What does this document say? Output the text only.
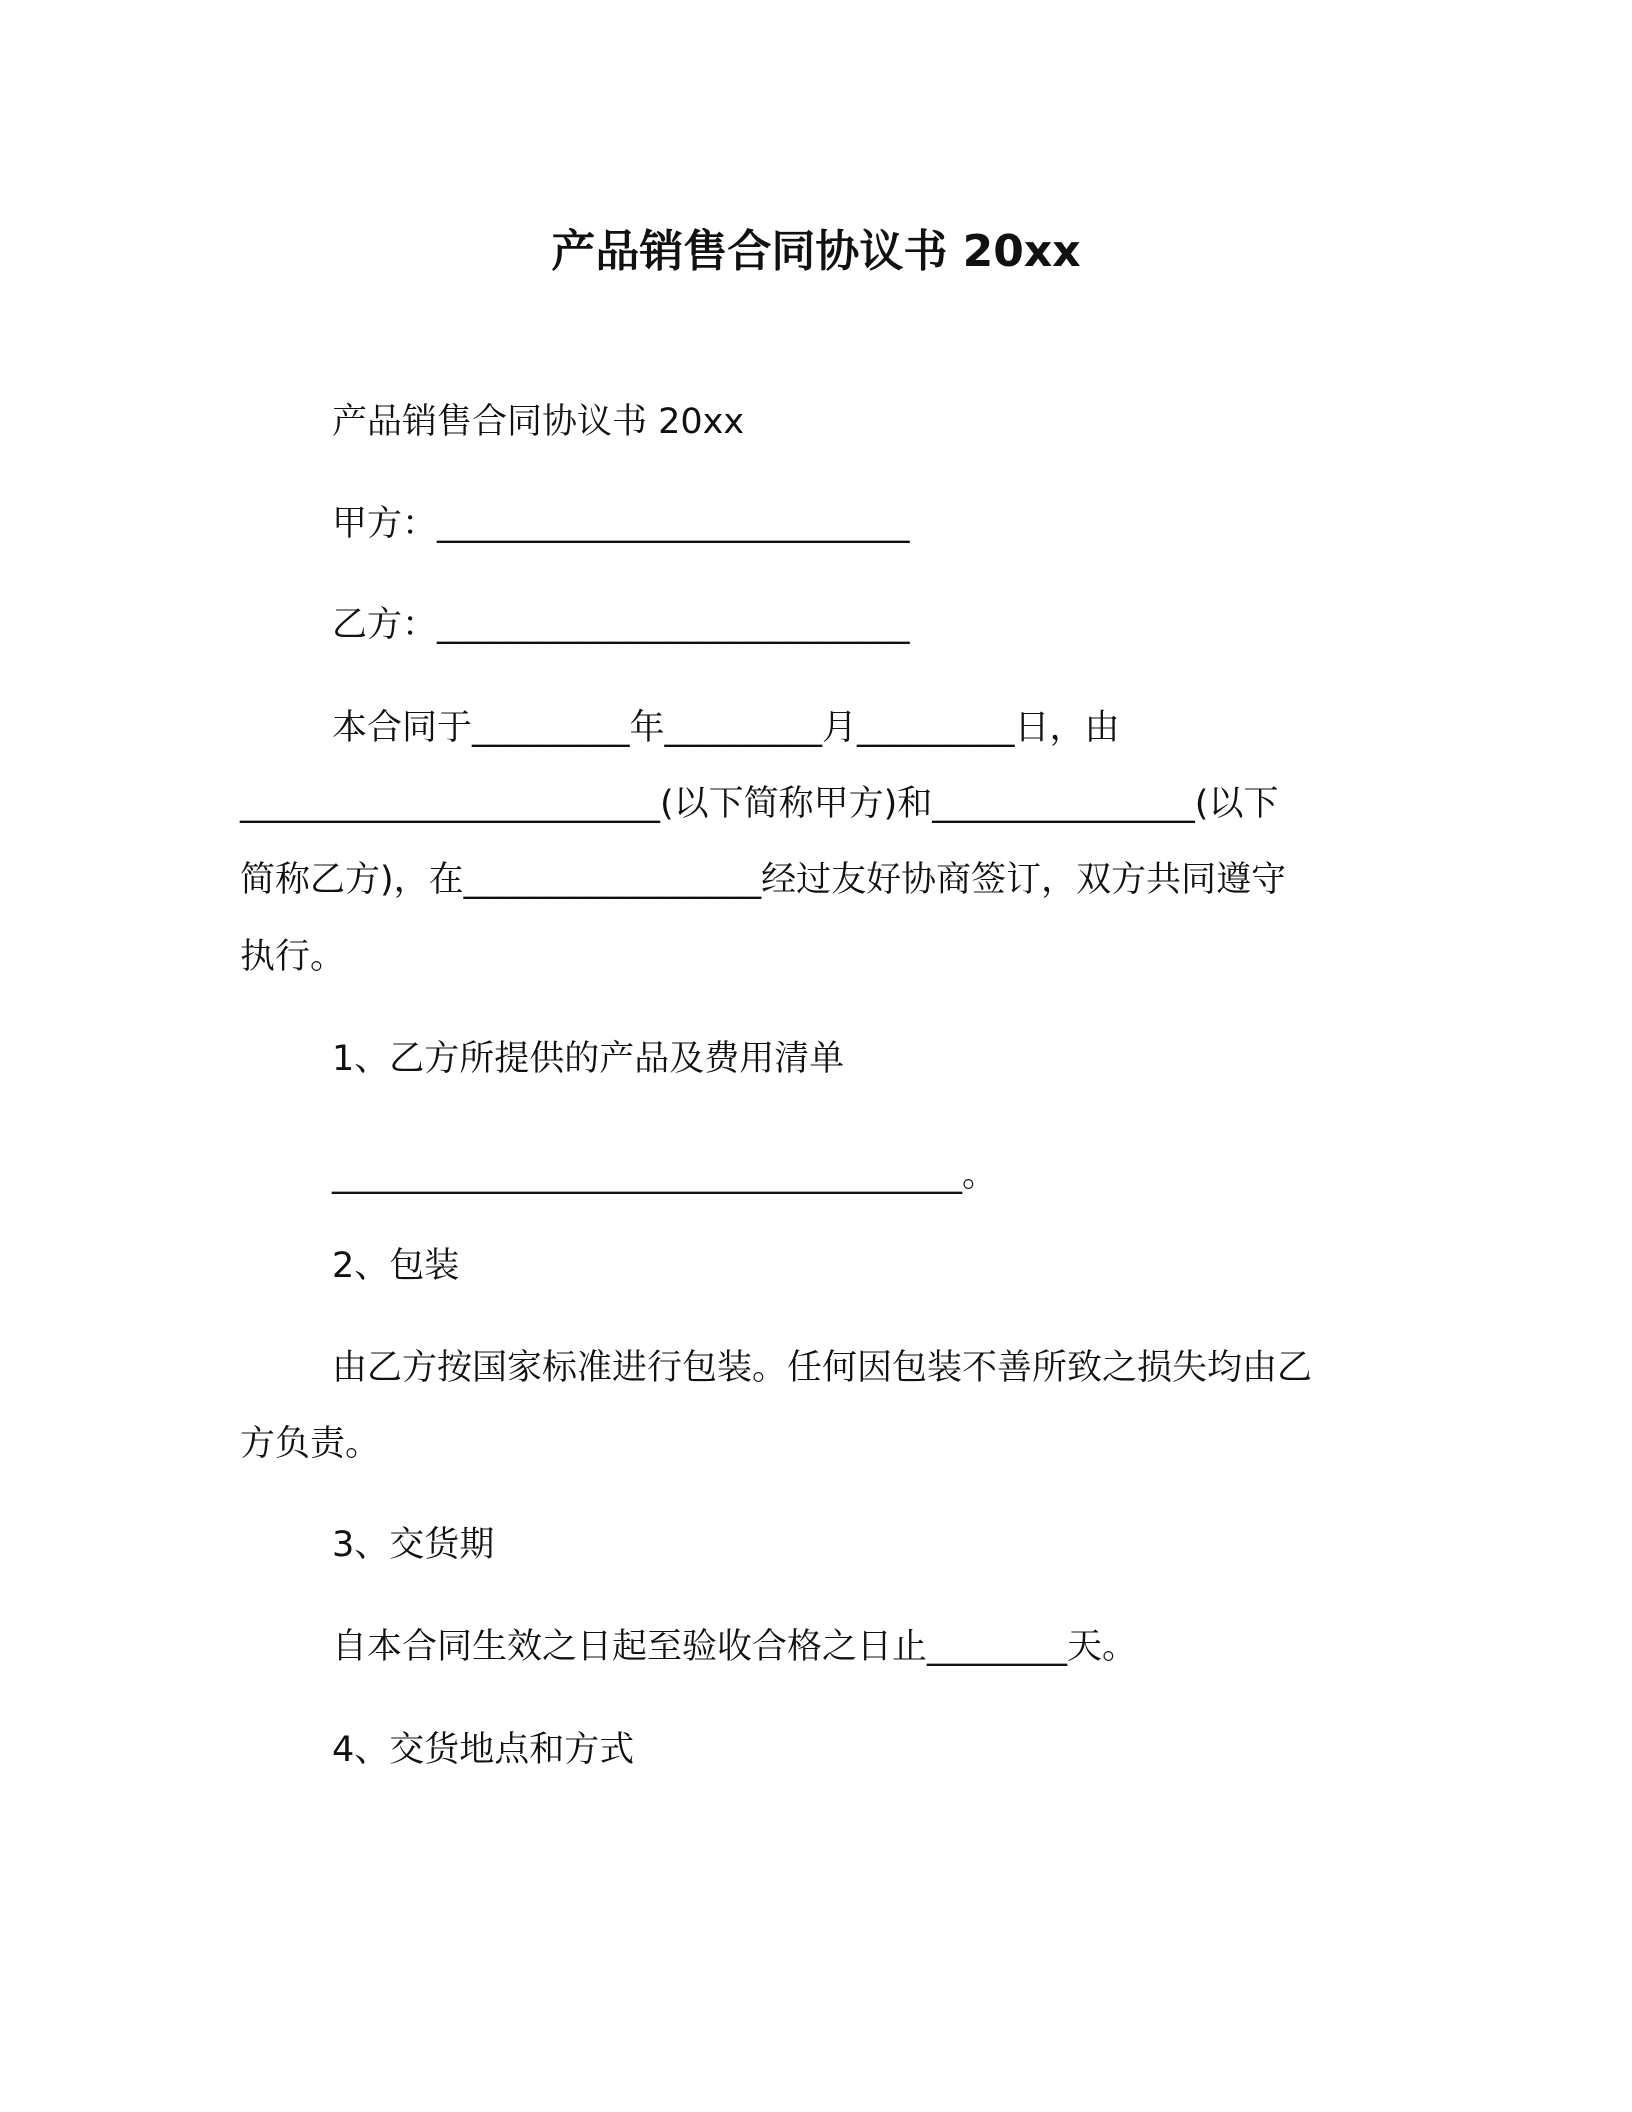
产品销售合同协议书 20xx
产品销售合同协议书 20xx
甲方：___________________________
乙方：___________________________
本合同于_________年_________月_________日，由
________________________(以下简称甲方)和_______________(以下
简称乙方)，在_________________经过友好协商签订，双方共同遵守
执行。
1、乙方所提供的产品及费用清单
____________________________________。
2、包装
由乙方按国家标准进行包装。任何因包装不善所致之损失均由乙
方负责。
3、交货期
自本合同生效之日起至验收合格之日止________天。
4、交货地点和方式
